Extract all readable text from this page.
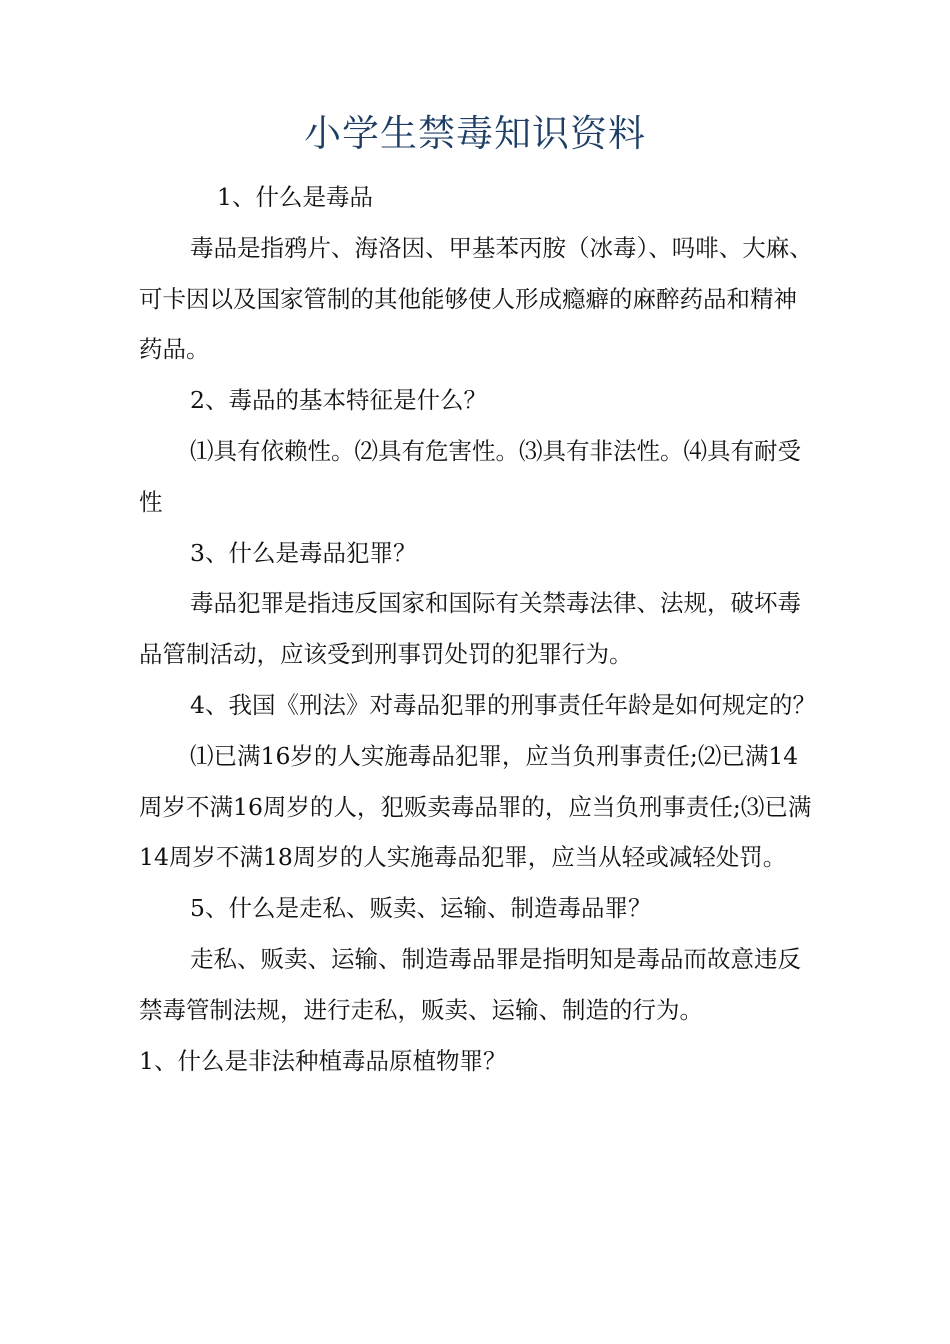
小学生禁毒知识资料

1、什么是毒品

毒品是指鸦片、海洛因、甲基苯丙胺（冰毒）、吗啡、大麻、可卡因以及国家管制的其他能够使人形成瘾癖的麻醉药品和精神药品。

2、毒品的基本特征是什么？

⑴具有依赖性。⑵具有危害性。⑶具有非法性。⑷具有耐受性

3、什么是毒品犯罪？

毒品犯罪是指违反国家和国际有关禁毒法律、法规，破坏毒品管制活动，应该受到刑事罚处罚的犯罪行为。

4、我国《刑法》对毒品犯罪的刑事责任年龄是如何规定的？

⑴已满16岁的人实施毒品犯罪，应当负刑事责任;⑵已满14周岁不满16周岁的人，犯贩卖毒品罪的，应当负刑事责任;⑶已满14周岁不满18周岁的人实施毒品犯罪，应当从轻或减轻处罚。

5、什么是走私、贩卖、运输、制造毒品罪？

走私、贩卖、运输、制造毒品罪是指明知是毒品而故意违反禁毒管制法规，进行走私，贩卖、运输、制造的行为。

1、什么是非法种植毒品原植物罪？
